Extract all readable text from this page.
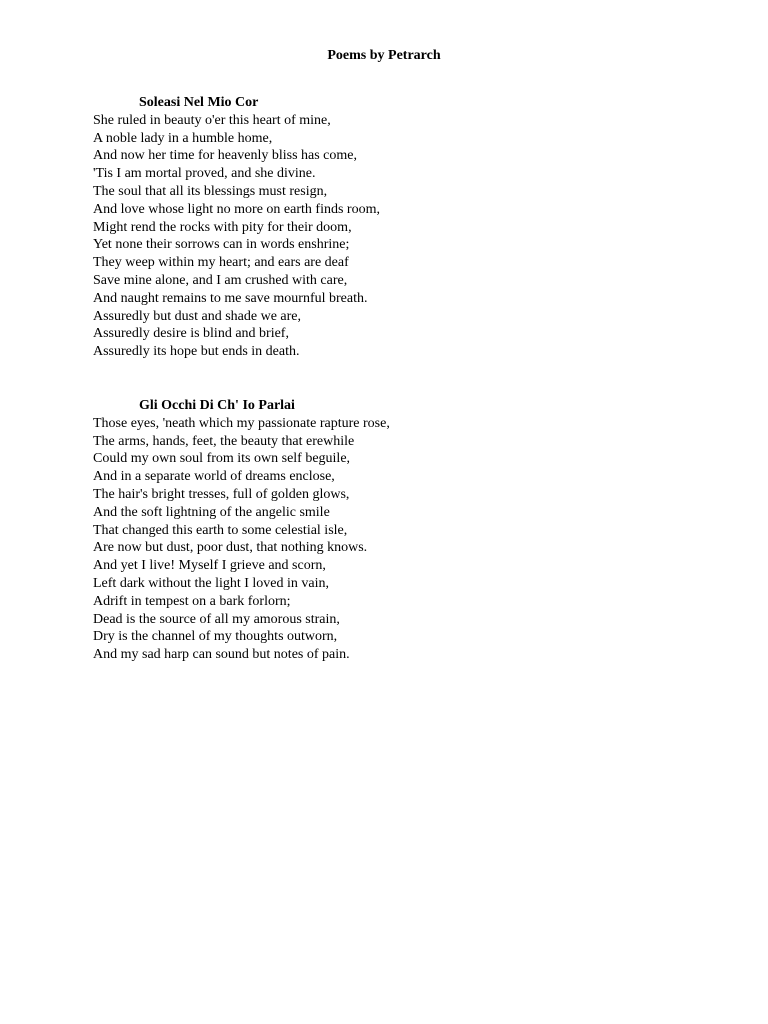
Poems by Petrarch
Soleasi Nel Mio Cor
She ruled in beauty o'er this heart of mine,
A noble lady in a humble home,
And now her time for heavenly bliss has come,
'Tis I am mortal proved, and she divine.
The soul that all its blessings must resign,
And love whose light no more on earth finds room,
Might rend the rocks with pity for their doom,
Yet none their sorrows can in words enshrine;
They weep within my heart; and ears are deaf
Save mine alone, and I am crushed with care,
And naught remains to me save mournful breath.
Assuredly but dust and shade we are,
Assuredly desire is blind and brief,
Assuredly its hope but ends in death.
Gli Occhi Di Ch' Io Parlai
Those eyes, 'neath which my passionate rapture rose,
The arms, hands, feet, the beauty that erewhile
Could my own soul from its own self beguile,
And in a separate world of dreams enclose,
The hair's bright tresses, full of golden glows,
And the soft lightning of the angelic smile
That changed this earth to some celestial isle,
Are now but dust, poor dust, that nothing knows.
And yet I live! Myself I grieve and scorn,
Left dark without the light I loved in vain,
Adrift in tempest on a bark forlorn;
Dead is the source of all my amorous strain,
Dry is the channel of my thoughts outworn,
And my sad harp can sound but notes of pain.
